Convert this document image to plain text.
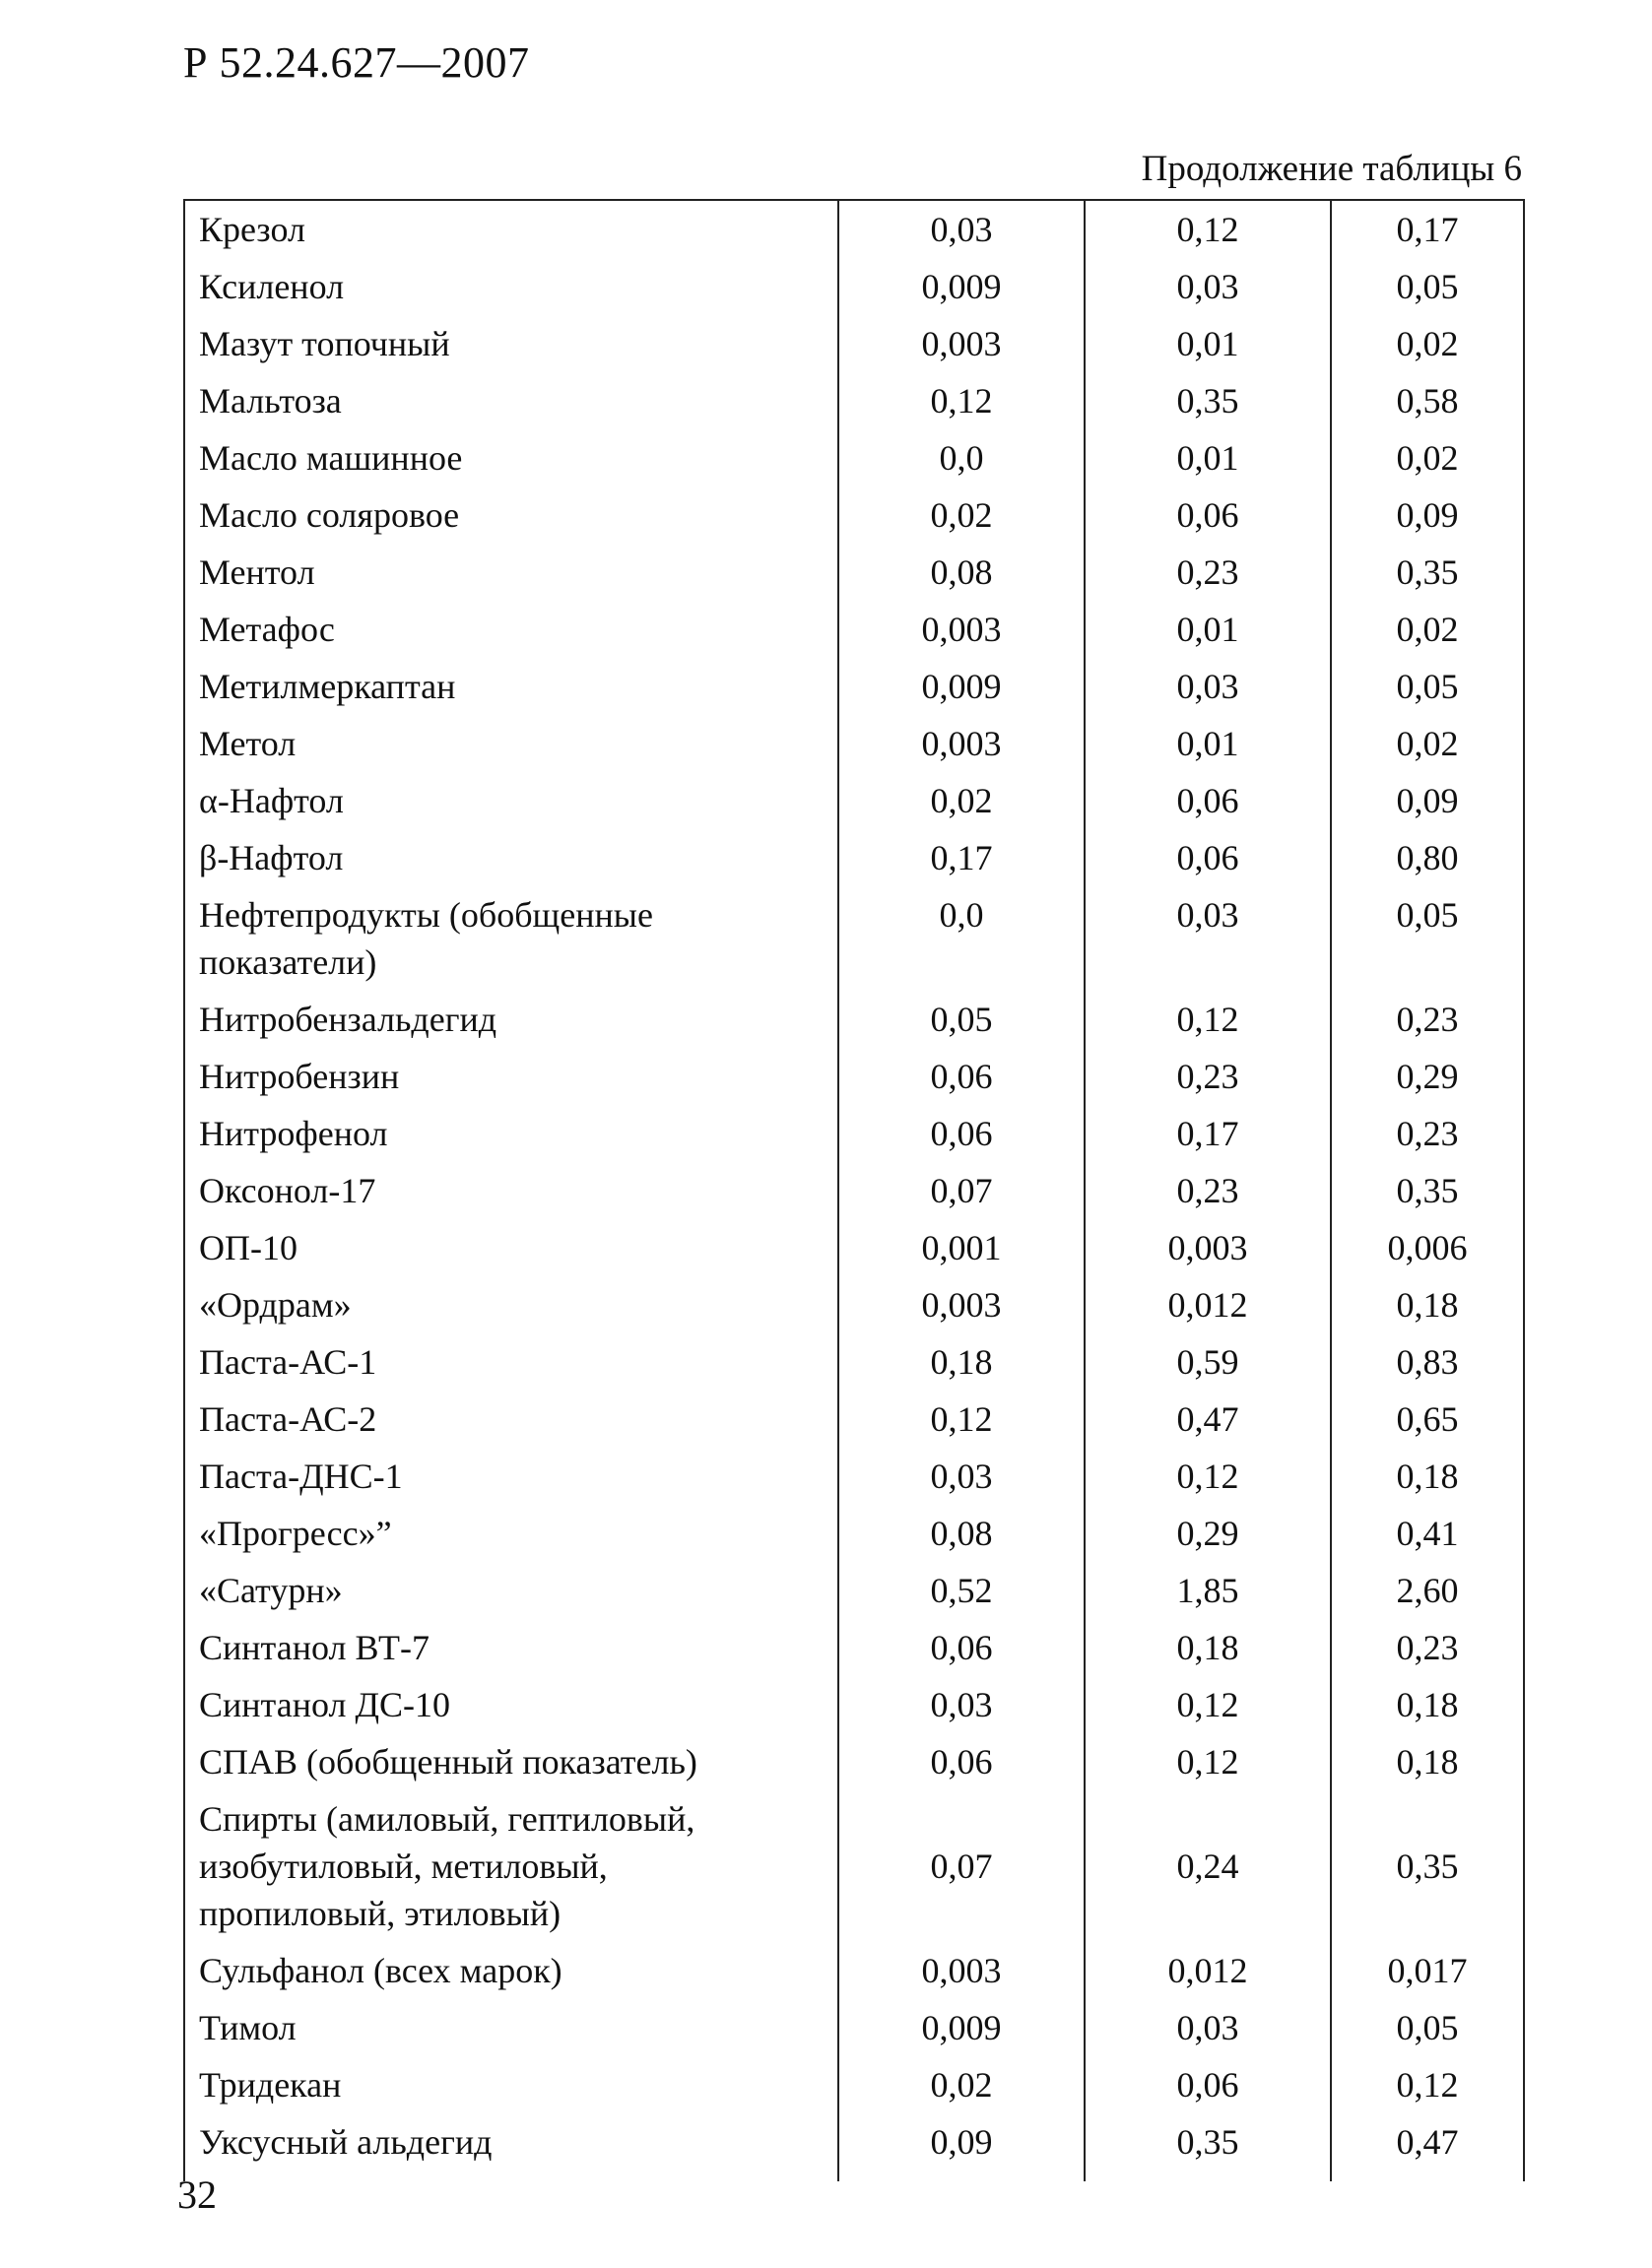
Р 52.24.627—2007
Продолжение таблицы 6
Крезол	0,03	0,12	0,17
Ксиленол	0,009	0,03	0,05
Мазут топочный	0,003	0,01	0,02
Мальтоза	0,12	0,35	0,58
Масло машинное	0,0	0,01	0,02
Масло соляровое	0,02	0,06	0,09
Ментол	0,08	0,23	0,35
Метафос	0,003	0,01	0,02
Метилмеркаптан	0,009	0,03	0,05
Метол	0,003	0,01	0,02
α-Нафтол	0,02	0,06	0,09
β-Нафтол	0,17	0,06	0,80
Нефтепродукты (обобщенные показатели)	0,0	0,03	0,05
Нитробензальдегид	0,05	0,12	0,23
Нитробензин	0,06	0,23	0,29
Нитрофенол	0,06	0,17	0,23
Оксонол-17	0,07	0,23	0,35
ОП-10	0,001	0,003	0,006
«Ордрам»	0,003	0,012	0,18
Паста-АС-1	0,18	0,59	0,83
Паста-АС-2	0,12	0,47	0,65
Паста-ДНС-1	0,03	0,12	0,18
«Прогресс»”	0,08	0,29	0,41
«Сатурн»	0,52	1,85	2,60
Синтанол ВТ-7	0,06	0,18	0,23
Синтанол ДС-10	0,03	0,12	0,18
СПАВ (обобщенный показатель)	0,06	0,12	0,18
Спирты (амиловый, гептиловый, изобутиловый, метиловый, пропиловый, этиловый)	0,07	0,24	0,35
Сульфанол (всех марок)	0,003	0,012	0,017
Тимол	0,009	0,03	0,05
Тридекан	0,02	0,06	0,12
Уксусный альдегид	0,09	0,35	0,47
32
